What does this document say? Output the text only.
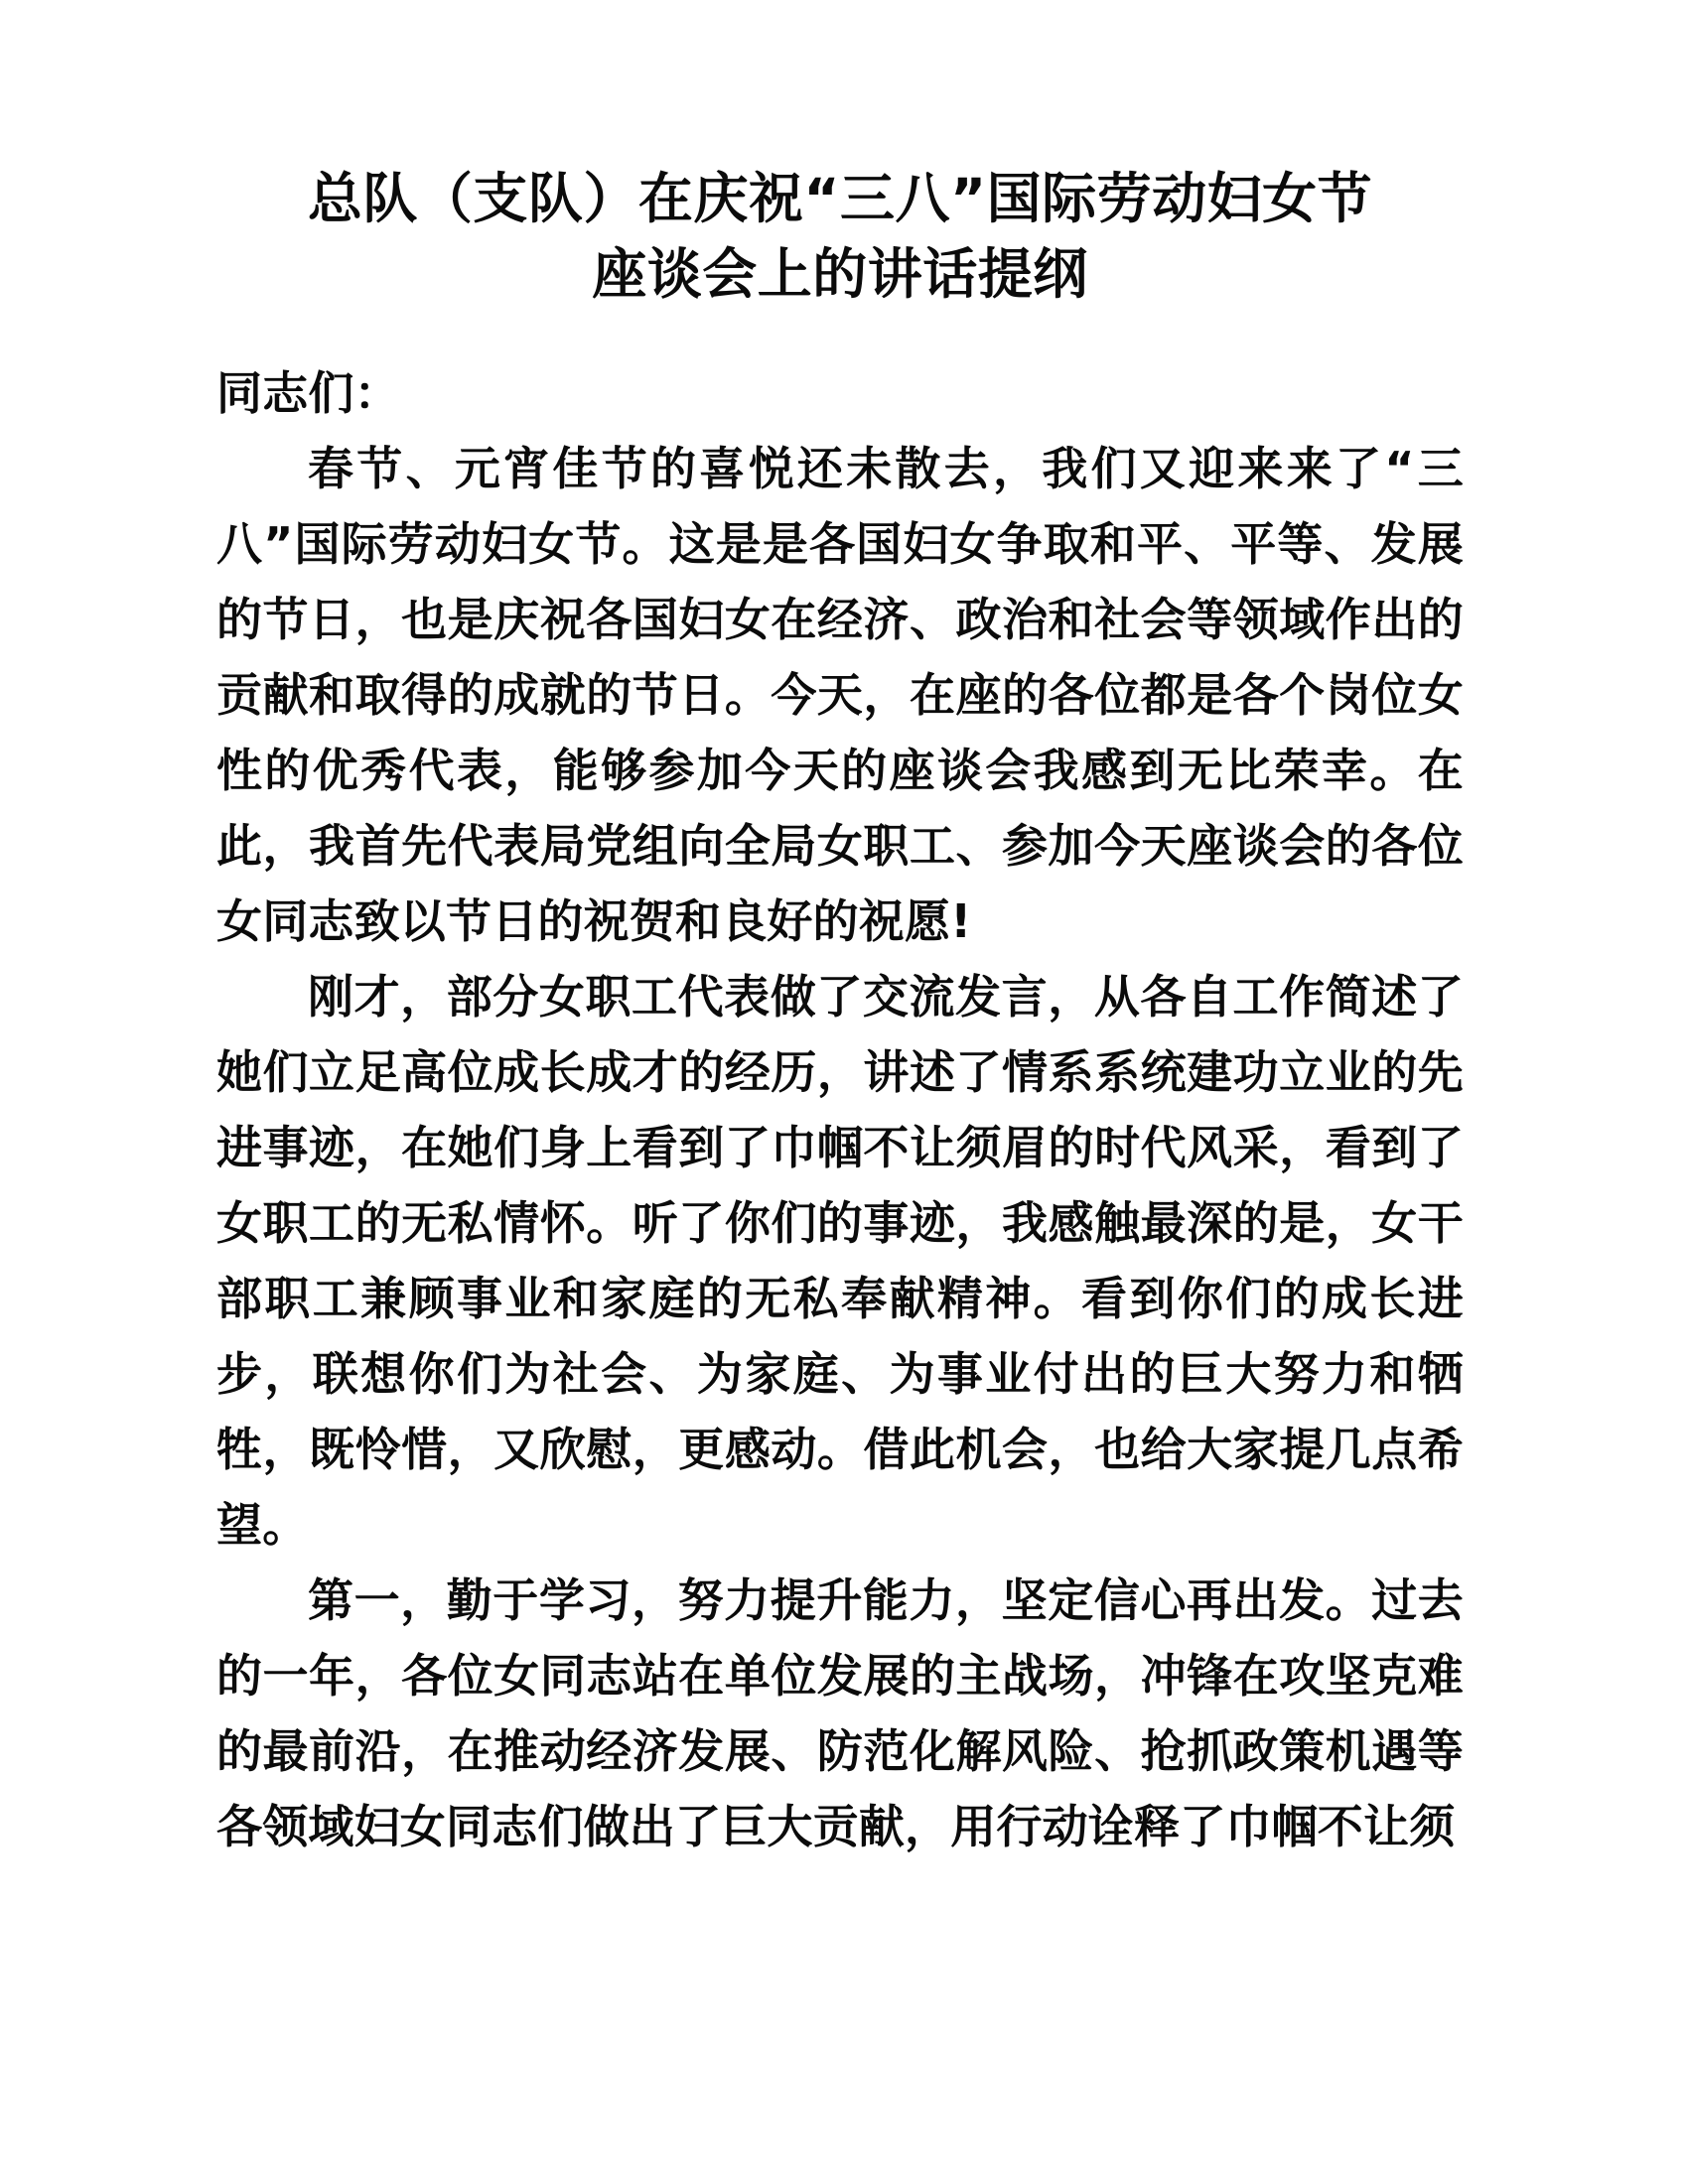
总队（支队）在庆祝“三八”国际劳动妇女节
座谈会上的讲话提纲

同志们：

春节、元宵佳节的喜悦还未散去，我们又迎来来了“三八”国际劳动妇女节。这是是各国妇女争取和平、平等、发展的节日，也是庆祝各国妇女在经济、政治和社会等领域作出的贡献和取得的成就的节日。今天，在座的各位都是各个岗位女性的优秀代表，能够参加今天的座谈会我感到无比荣幸。在此，我首先代表局党组向全局女职工、参加今天座谈会的各位女同志致以节日的祝贺和良好的祝愿!

刚才，部分女职工代表做了交流发言，从各自工作简述了她们立足高位成长成才的经历，讲述了情系系统建功立业的先进事迹，在她们身上看到了巾帼不让须眉的时代风采，看到了女职工的无私情怀。听了你们的事迹，我感触最深的是，女干部职工兼顾事业和家庭的无私奉献精神。看到你们的成长进步，联想你们为社会、为家庭、为事业付出的巨大努力和牺牲，既怜惜，又欣慰，更感动。借此机会，也给大家提几点希望。

第一，勤于学习，努力提升能力，坚定信心再出发。过去的一年，各位女同志站在单位发展的主战场，冲锋在攻坚克难的最前沿，在推动经济发展、防范化解风险、抢抓政策机遇等各领域妇女同志们做出了巨大贡献，用行动诠释了巾帼不让须
